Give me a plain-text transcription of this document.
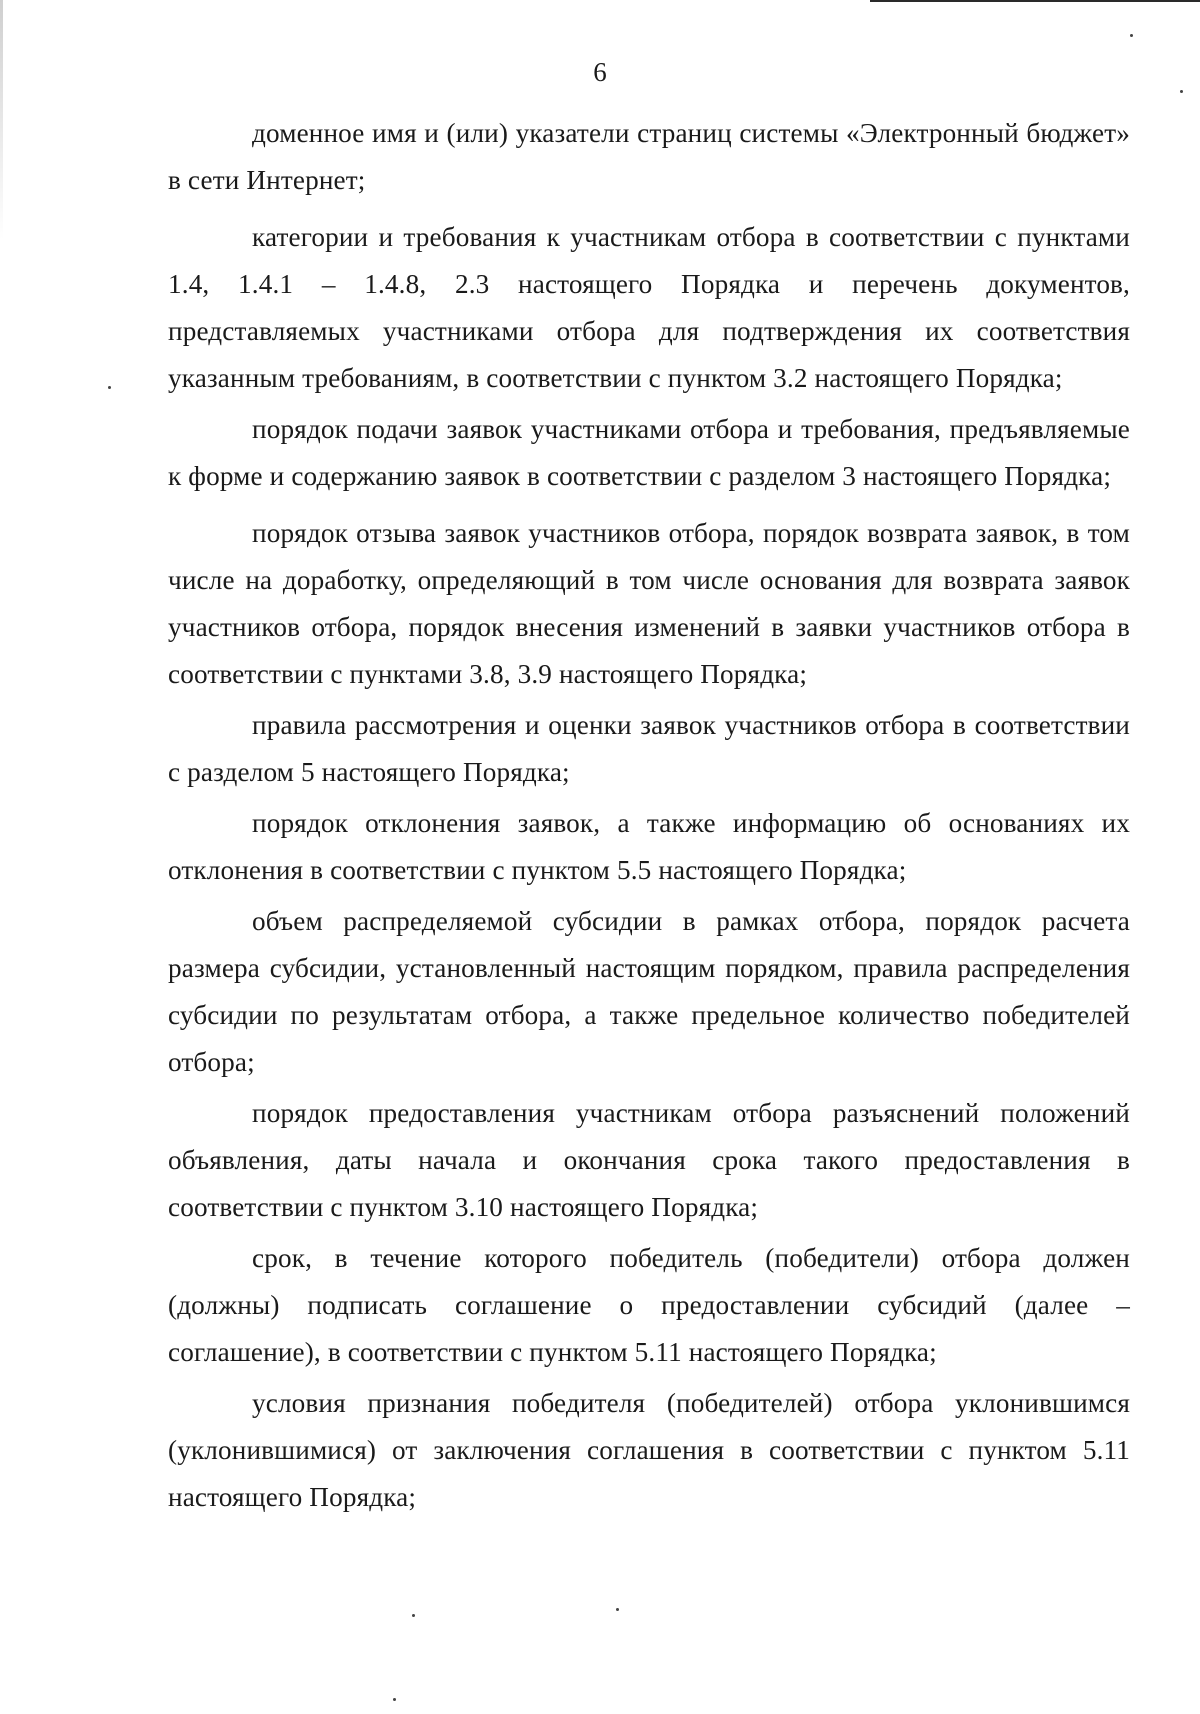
6

доменное имя и (или) указатели страниц системы «Электронный бюджет» в сети Интернет;

категории и требования к участникам отбора в соответствии с пунктами 1.4, 1.4.1 – 1.4.8, 2.3 настоящего Порядка и перечень документов, представляемых участниками отбора для подтверждения их соответствия указанным требованиям, в соответствии с пунктом 3.2 настоящего Порядка;

порядок подачи заявок участниками отбора и требования, предъявляемые к форме и содержанию заявок в соответствии с разделом 3 настоящего Порядка;

порядок отзыва заявок участников отбора, порядок возврата заявок, в том числе на доработку, определяющий в том числе основания для возврата заявок участников отбора, порядок внесения изменений в заявки участников отбора в соответствии с пунктами 3.8, 3.9 настоящего Порядка;

правила рассмотрения и оценки заявок участников отбора в соответствии с разделом 5 настоящего Порядка;

порядок отклонения заявок, а также информацию об основаниях их отклонения в соответствии с пунктом 5.5 настоящего Порядка;

объем распределяемой субсидии в рамках отбора, порядок расчета размера субсидии, установленный настоящим порядком, правила распределения субсидии по результатам отбора, а также предельное количество победителей отбора;

порядок предоставления участникам отбора разъяснений положений объявления, даты начала и окончания срока такого предоставления в соответствии с пунктом 3.10 настоящего Порядка;

срок, в течение которого победитель (победители) отбора должен (должны) подписать соглашение о предоставлении субсидий (далее – соглашение), в соответствии с пунктом 5.11 настоящего Порядка;

условия признания победителя (победителей) отбора уклонившимся (уклонившимися) от заключения соглашения в соответствии с пунктом 5.11 настоящего Порядка;
